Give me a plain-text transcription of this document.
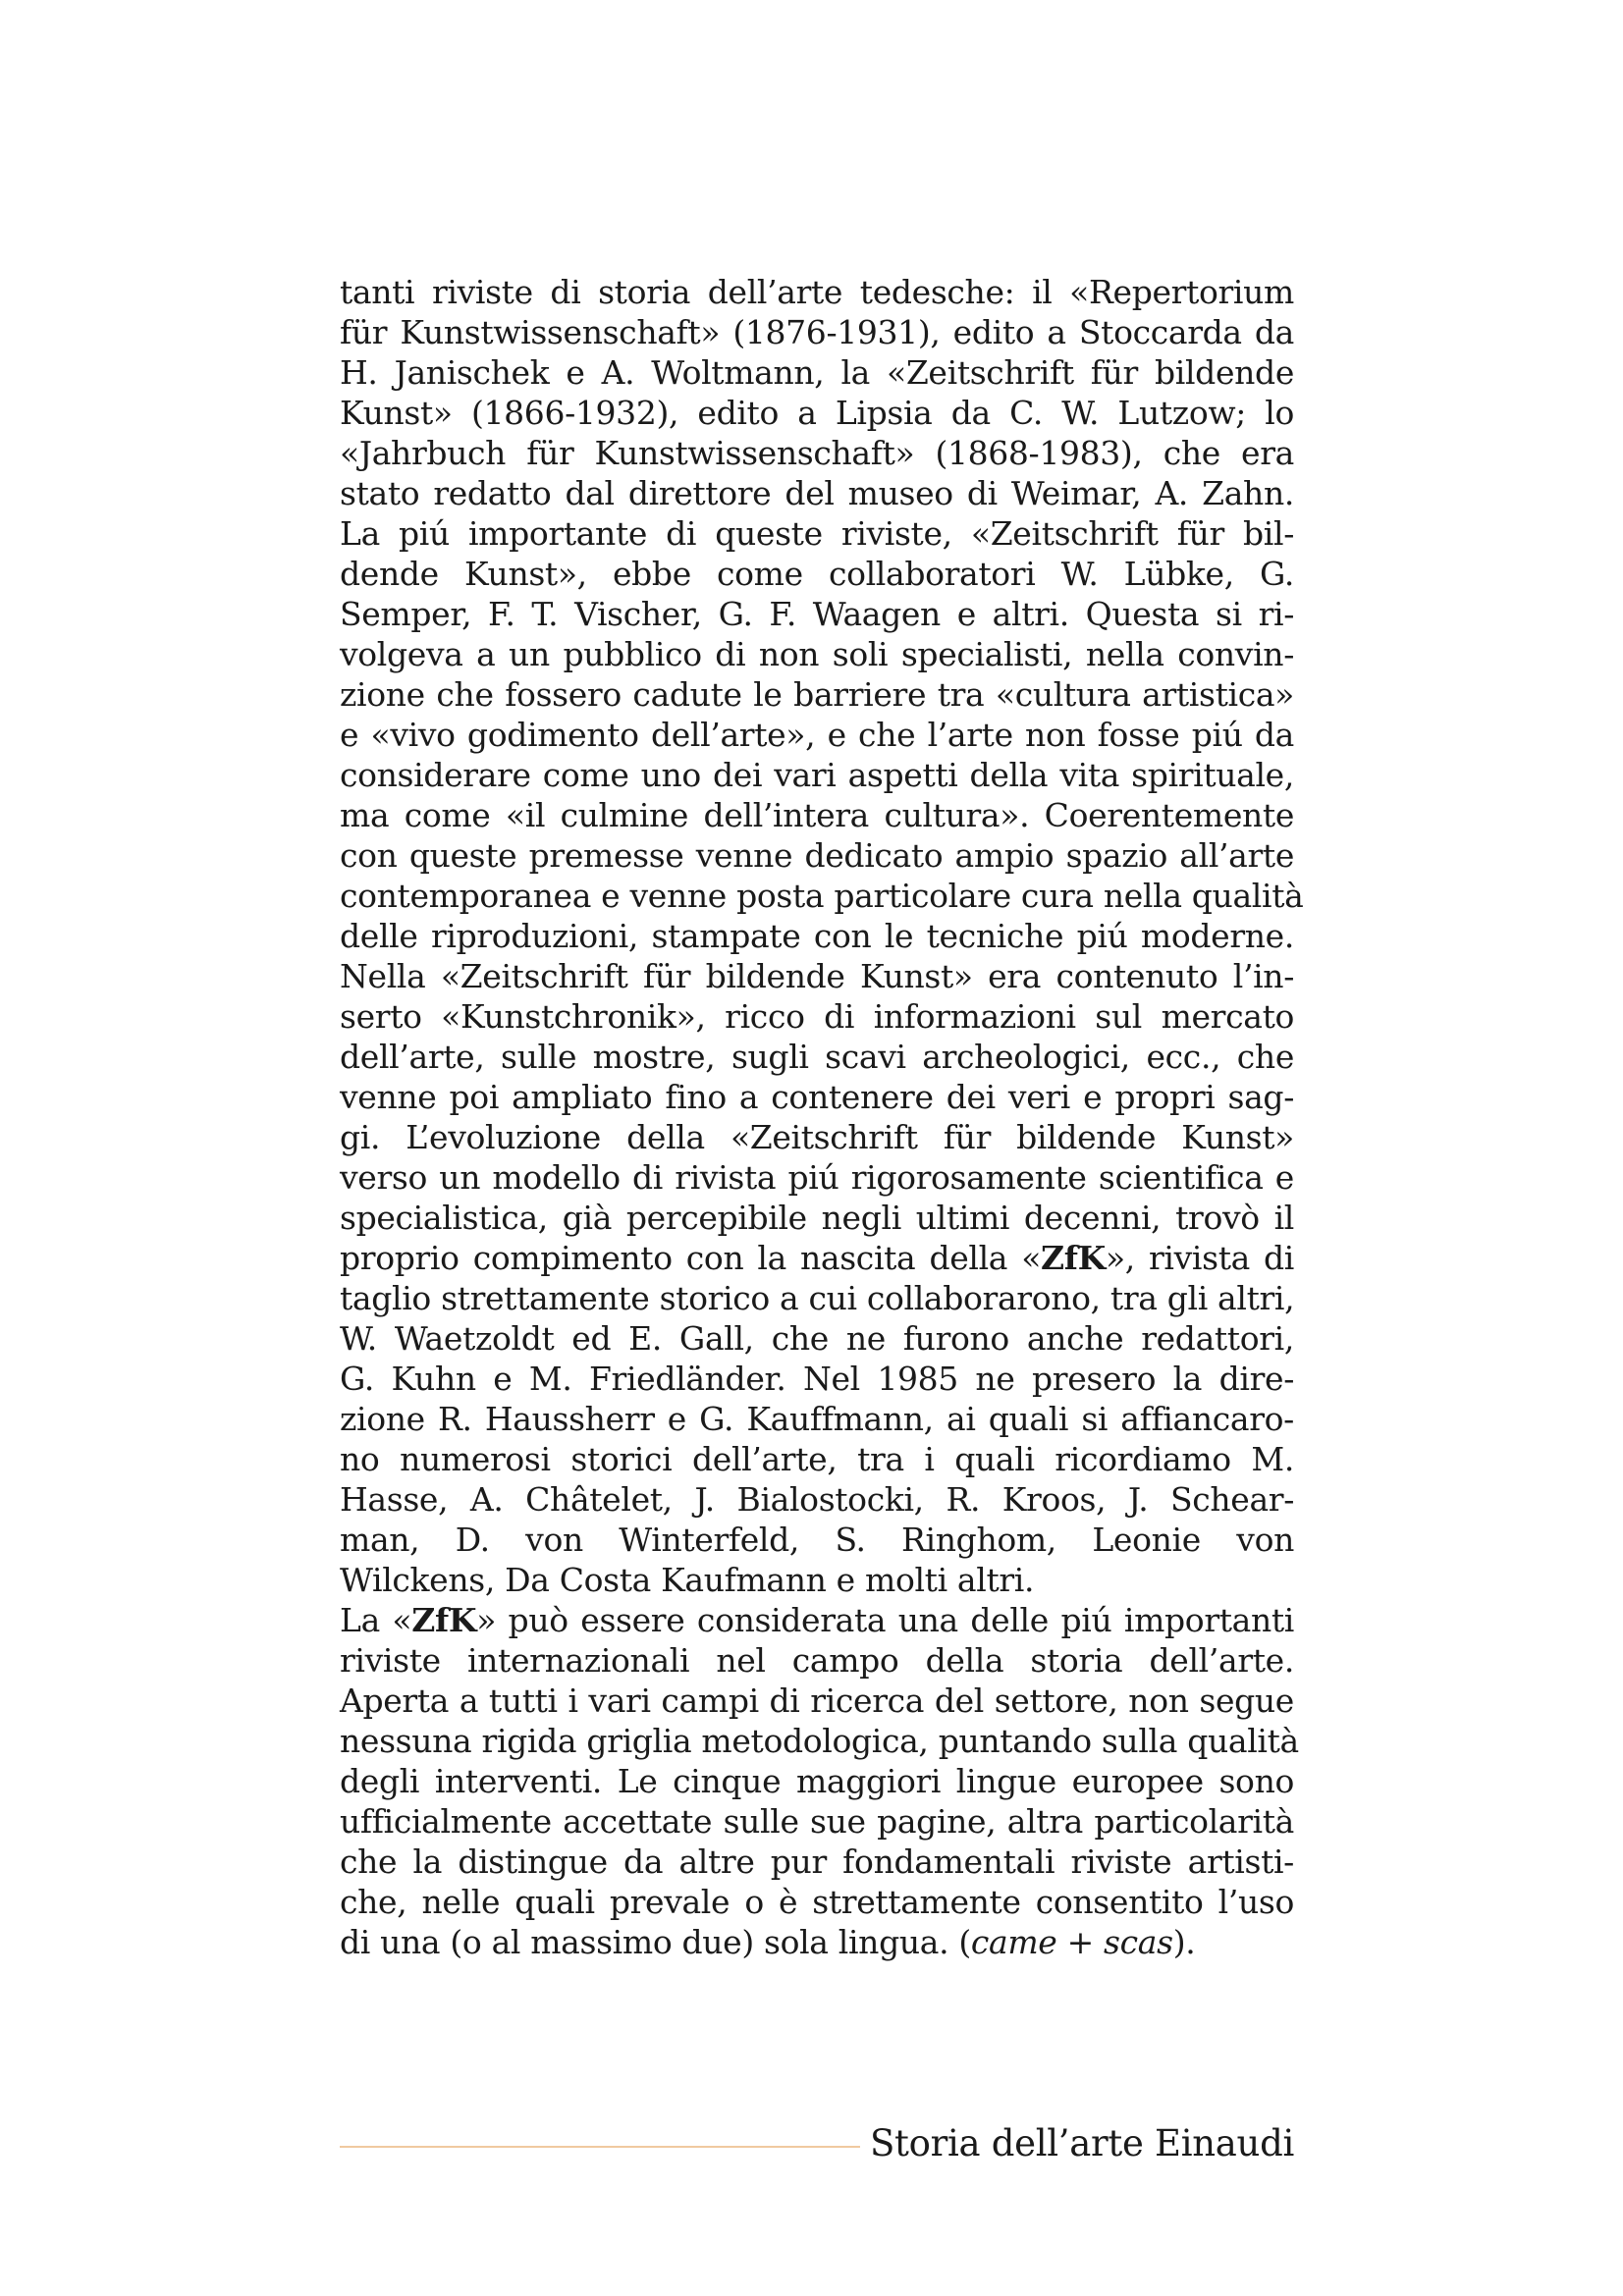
tanti riviste di storia dell’arte tedesche: il «Repertorium
für Kunstwissenschaft» (1876-1931), edito a Stoccarda da
H. Janischek e A. Woltmann, la «Zeitschrift für bildende
Kunst» (1866-1932), edito a Lipsia da C. W. Lutzow; lo
«Jahrbuch für Kunstwissenschaft» (1868-1983), che era
stato redatto dal direttore del museo di Weimar, A. Zahn.
La piú importante di queste riviste, «Zeitschrift für bil-
dende Kunst», ebbe come collaboratori W. Lübke, G.
Semper, F. T. Vischer, G. F. Waagen e altri. Questa si ri-
volgeva a un pubblico di non soli specialisti, nella convin-
zione che fossero cadute le barriere tra «cultura artistica»
e «vivo godimento dell’arte», e che l’arte non fosse piú da
considerare come uno dei vari aspetti della vita spirituale,
ma come «il culmine dell’intera cultura». Coerentemente
con queste premesse venne dedicato ampio spazio all’arte
contemporanea e venne posta particolare cura nella qualità
delle riproduzioni, stampate con le tecniche piú moderne.
Nella «Zeitschrift für bildende Kunst» era contenuto l’in-
serto «Kunstchronik», ricco di informazioni sul mercato
dell’arte, sulle mostre, sugli scavi archeologici, ecc., che
venne poi ampliato fino a contenere dei veri e propri sag-
gi. L’evoluzione della «Zeitschrift für bildende Kunst»
verso un modello di rivista piú rigorosamente scientifica e
specialistica, già percepibile negli ultimi decenni, trovò il
proprio compimento con la nascita della «ZfK», rivista di
taglio strettamente storico a cui collaborarono, tra gli altri,
W. Waetzoldt ed E. Gall, che ne furono anche redattori,
G. Kuhn e M. Friedländer. Nel 1985 ne presero la dire-
zione R. Haussherr e G. Kauffmann, ai quali si affiancaro-
no numerosi storici dell’arte, tra i quali ricordiamo M.
Hasse, A. Châtelet, J. Bialostocki, R. Kroos, J. Schear-
man, D. von Winterfeld, S. Ringhom, Leonie von
Wilckens, Da Costa Kaufmann e molti altri.
La «ZfK» può essere considerata una delle piú importanti
riviste internazionali nel campo della storia dell’arte.
Aperta a tutti i vari campi di ricerca del settore, non segue
nessuna rigida griglia metodologica, puntando sulla qualità
degli interventi. Le cinque maggiori lingue europee sono
ufficialmente accettate sulle sue pagine, altra particolarità
che la distingue da altre pur fondamentali riviste artisti-
che, nelle quali prevale o è strettamente consentito l’uso
di una (o al massimo due) sola lingua. (came + scas).
Storia dell’arte Einaudi
